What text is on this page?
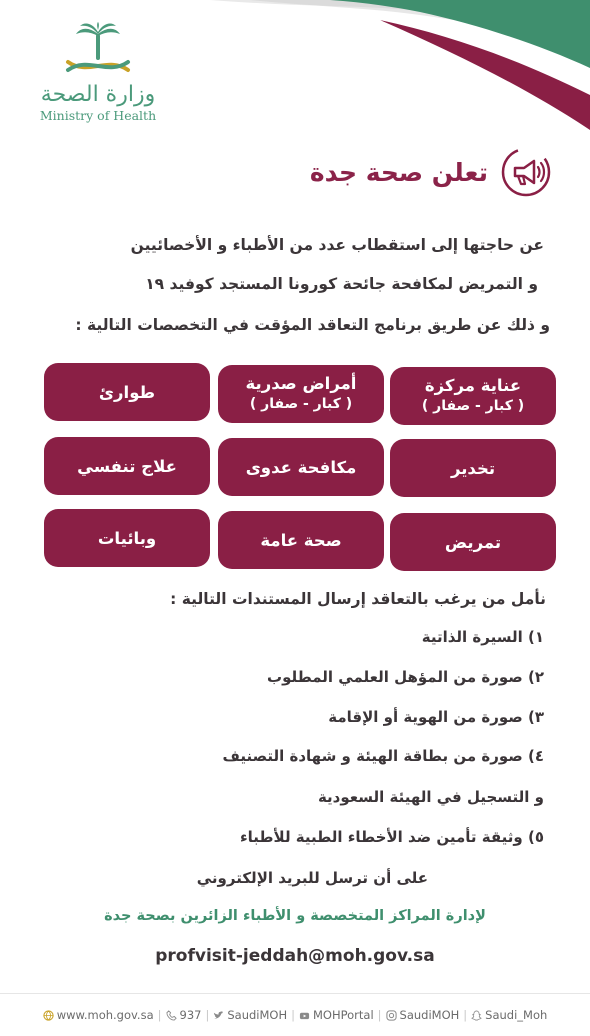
وزارة الصحة
Ministry of Health
تعلن صحة جدة
عن حاجتها إلى استقطاب عدد من الأطباء و الأخصائيين
و التمريض لمكافحة جائحة كورونا المستجد كوفيد ١٩
و ذلك عن طريق برنامج التعاقد المؤقت في التخصصات التالية :
عناية مركزة
( كبار - صفار )
أمراض صدرية
( كبار - صفار )
طوارئ
تخدير
مكافحة عدوى
علاج تنفسي
تمريض
صحة عامة
وبائيات
نأمل من يرغب بالتعاقد إرسال المستندات التالية :
١) السيرة الذاتية
٢) صورة من المؤهل العلمي المطلوب
٣) صورة من الهوية أو الإقامة
٤) صورة من بطاقة الهيئة و شهادة التصنيف
و التسجيل في الهيئة السعودية
٥) وثيقة تأمين ضد الأخطاء الطبية للأطباء
على أن ترسل للبريد الإلكتروني
لإدارة المراكز المتخصصة و الأطباء الزائرين بصحة جدة
profvisit-jeddah@moh.gov.sa
www.moh.gov.sa | 937 | SaudiMOH | MOHPortal | SaudiMOH | Saudi_Moh
